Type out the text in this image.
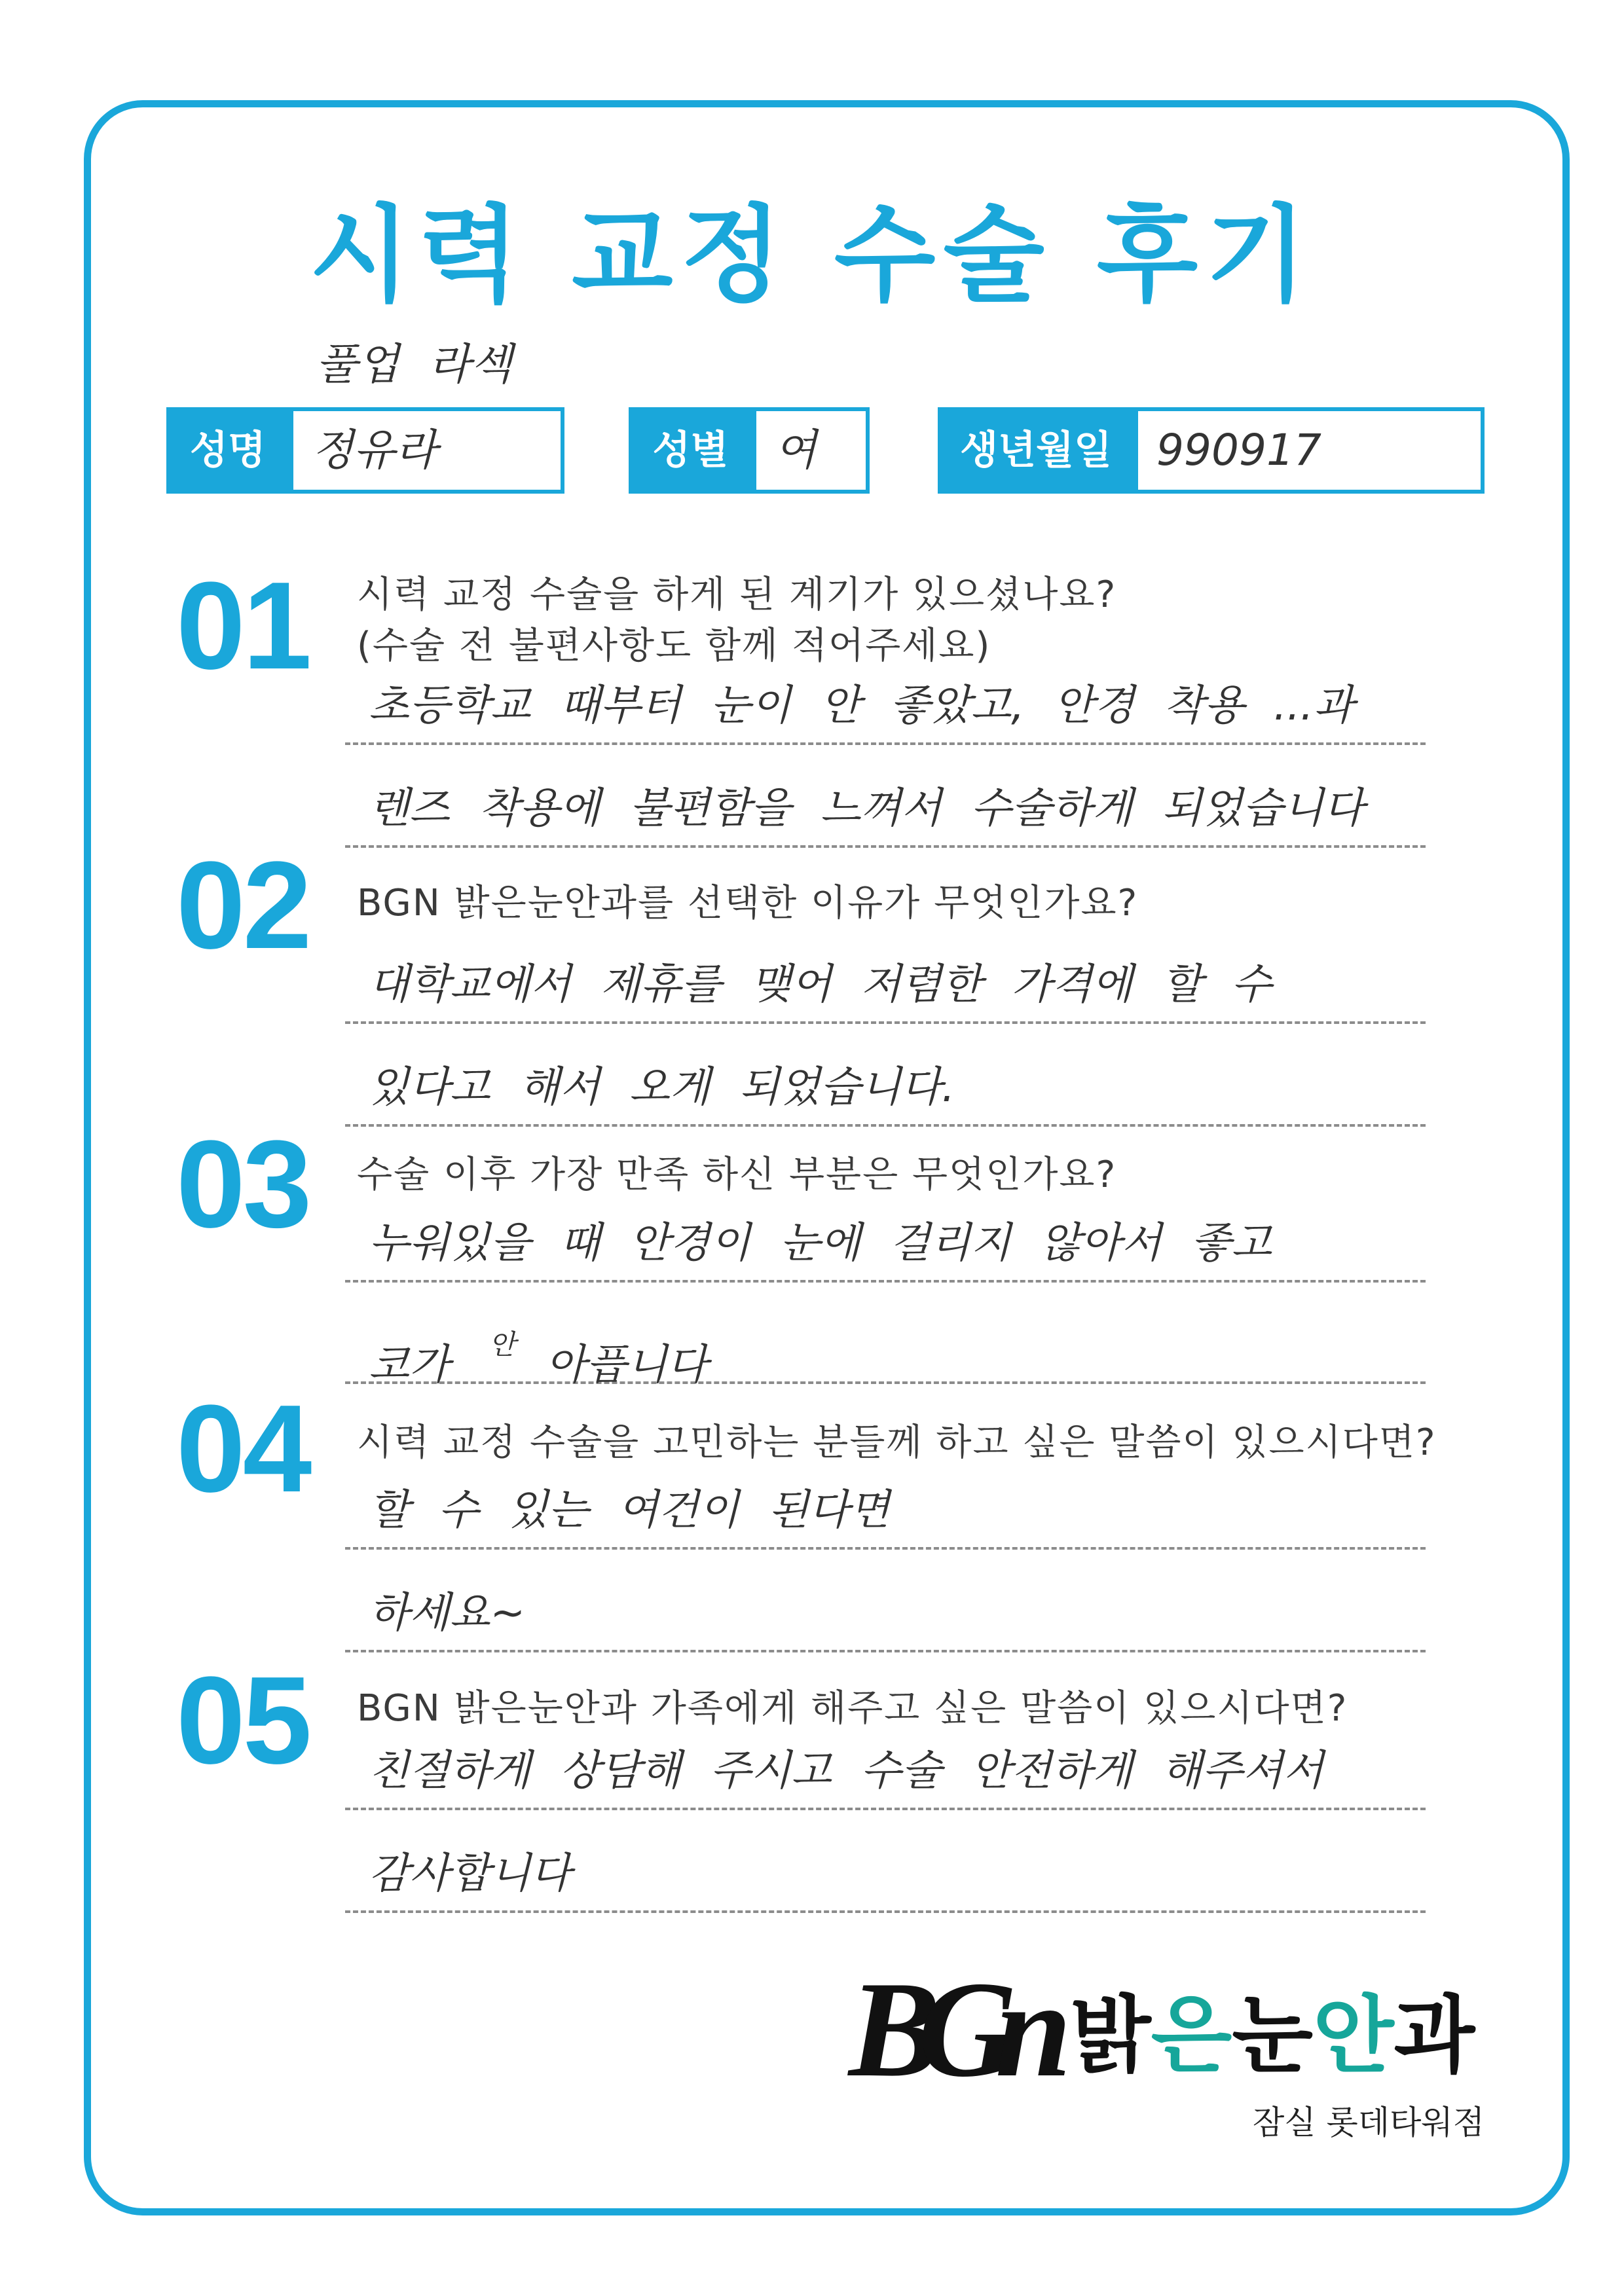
시력 교정 수술 후기
풀업 라섹
성명	정유라	성별	여	생년월일	990917
01 시력 교정 수술을 하게 된 계기가 있으셨나요?
(수술 전 불편사항도 함께 적어주세요)
초등학교 때부터 눈이 안 좋았고, 안경 착용 ...과
렌즈 착용에 불편함을 느껴서 수술하게 되었습니다
02 BGN 밝은눈안과를 선택한 이유가 무엇인가요?
대학교에서 제휴를 맺어 저렴한 가격에 할 수
있다고 해서 오게 되었습니다.
03 수술 이후 가장 만족 하신 부분은 무엇인가요?
누워있을 때 안경이 눈에 걸리지 않아서 좋고
코가 안 아픕니다
04 시력 교정 수술을 고민하는 분들께 하고 싶은 말씀이 있으시다면?
할 수 있는 여건이 된다면
하세요~
05 BGN 밝은눈안과 가족에게 해주고 싶은 말씀이 있으시다면?
친절하게 상담해 주시고 수술 안전하게 해주셔서
감사합니다
BGn 밝은눈안과
잠실 롯데타워점
